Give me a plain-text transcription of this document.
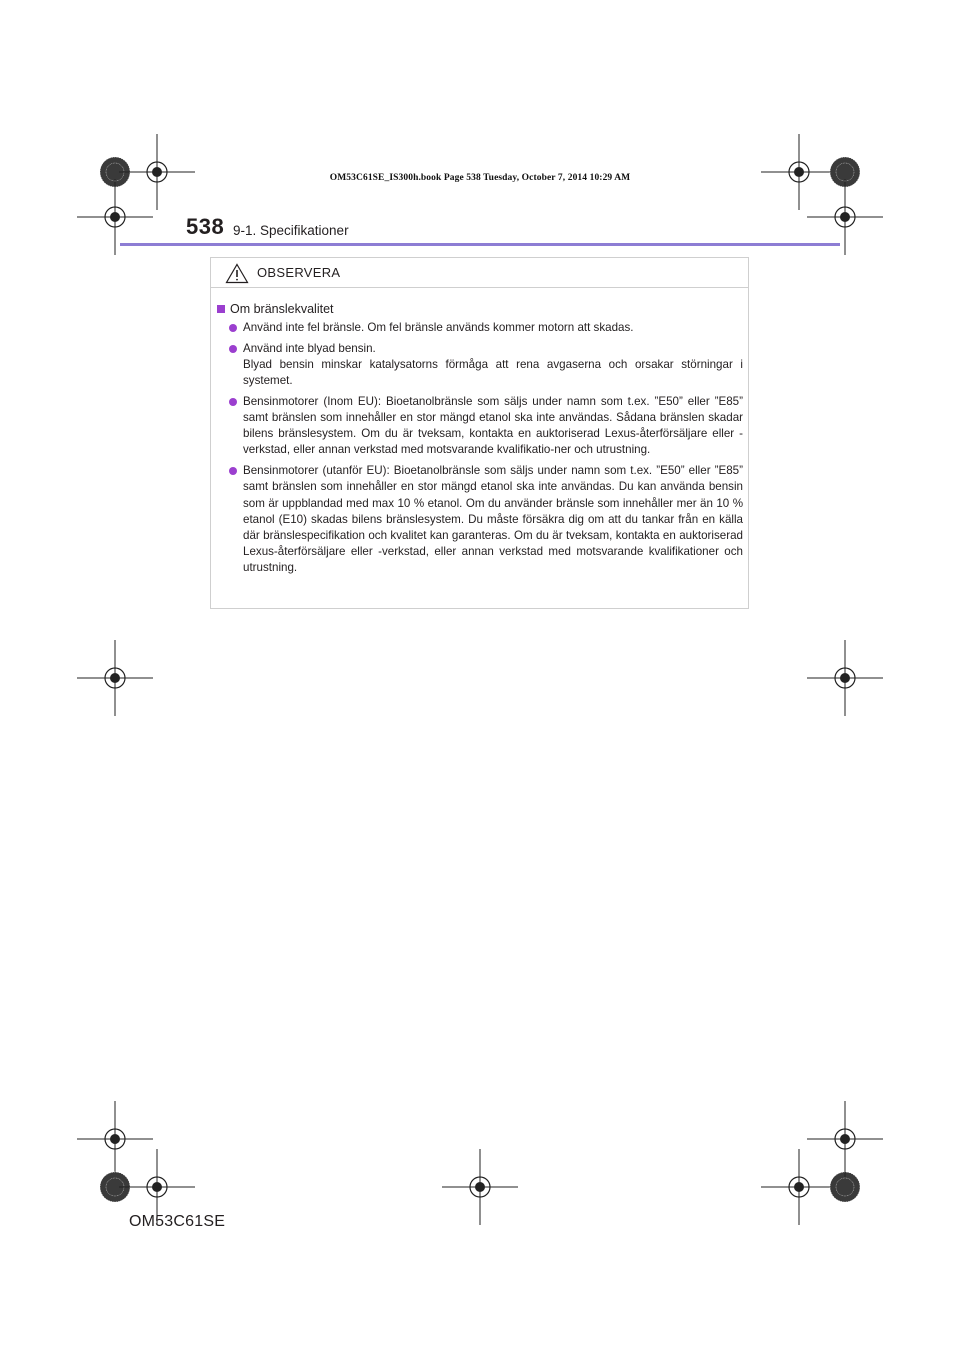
OM53C61SE_IS300h.book Page 538 Tuesday, October 7, 2014 10:29 AM
538 9-1. Specifikationer
OBSERVERA
Om bränslekvalitet

Använd inte fel bränsle. Om fel bränsle används kommer motorn att skadas.

Använd inte blyad bensin.

Blyad bensin minskar katalysatorns förmåga att rena avgaserna och orsakar störningar i systemet.

Bensinmotorer (Inom EU): Bioetanolbränsle som säljs under namn som t.ex. ”E50” eller ”E85” samt bränslen som innehåller en stor mängd etanol ska inte användas. Sådana bränslen skadar bilens bränslesystem. Om du är tveksam, kontakta en auktoriserad Lexus-återförsäljare eller -verkstad, eller annan verkstad med motsvarande kvalifikatio-ner och utrustning.

Bensinmotorer (utanför EU): Bioetanolbränsle som säljs under namn som t.ex. ”E50” eller ”E85” samt bränslen som innehåller en stor mängd etanol ska inte användas. Du kan använda bensin som är uppblandad med max 10 % etanol. Om du använder bränsle som innehåller mer än 10 % etanol (E10) skadas bilens bränslesystem. Du måste försäkra dig om att du tankar från en källa där bränslespecifikation och kvalitet kan garanteras. Om du är tveksam, kontakta en auktoriserad Lexus-återförsäljare eller -verkstad, eller annan verkstad med motsvarande kvalifikationer och utrustning.

OM53C61SE
